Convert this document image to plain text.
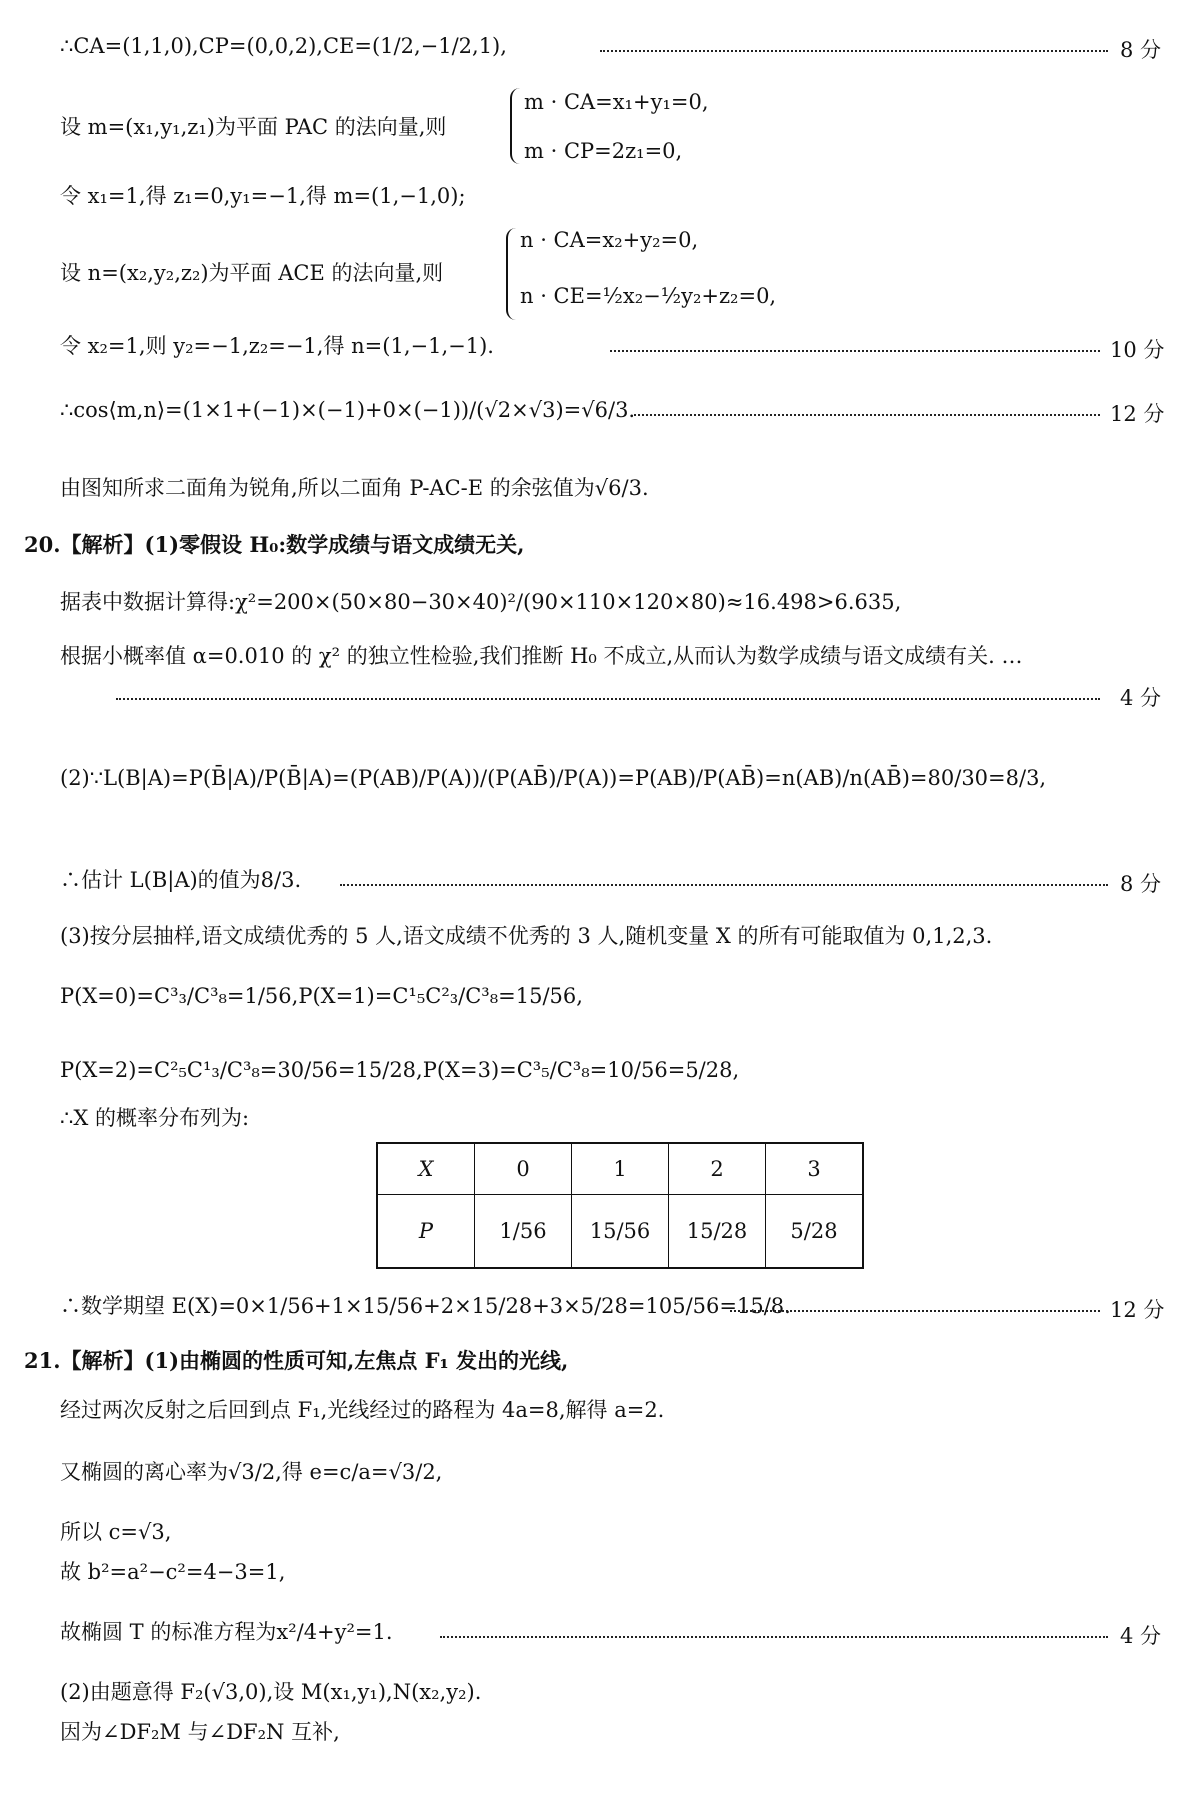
∴CA=(1,1,0),CP=(0,0,2),CE=(1/2,−1/2,1),	8 分
设 m=(x₁,y₁,z₁)为平面 PAC 的法向量,则
m · CA=x₁+y₁=0,
m · CP=2z₁=0,
令 x₁=1,得 z₁=0,y₁=−1,得 m=(1,−1,0);
设 n=(x₂,y₂,z₂)为平面 ACE 的法向量,则
n · CA=x₂+y₂=0,
n · CE=½x₂−½y₂+z₂=0,
令 x₂=1,则 y₂=−1,z₂=−1,得 n=(1,−1,−1).	10 分
∴cos⟨m,n⟩=(1×1+(−1)×(−1)+0×(−1))/(√2×√3)=√6/3.	12 分
由图知所求二面角为锐角,所以二面角 P-AC-E 的余弦值为√6/3.
20.【解析】(1)零假设 H₀:数学成绩与语文成绩无关,
据表中数据计算得:χ²=200×(50×80−30×40)²/(90×110×120×80)≈16.498>6.635,
根据小概率值 α=0.010 的 χ² 的独立性检验,我们推断 H₀ 不成立,从而认为数学成绩与语文成绩有关. …
4 分
(2)∵L(B|A)=P(B̄|A)/P(B̄|A)=(P(AB)/P(A))/(P(AB̄)/P(A))=P(AB)/P(AB̄)=n(AB)/n(AB̄)=80/30=8/3,
∴估计 L(B|A)的值为8/3.	8 分
(3)按分层抽样,语文成绩优秀的 5 人,语文成绩不优秀的 3 人,随机变量 X 的所有可能取值为 0,1,2,3.
P(X=0)=C³₃/C³₈=1/56,P(X=1)=C¹₅C²₃/C³₈=15/56,
P(X=2)=C²₅C¹₃/C³₈=30/56=15/28,P(X=3)=C³₅/C³₈=10/56=5/28,
∴X 的概率分布列为:
X	0	1	2	3
P	1/56	15/56	15/28	5/28
∴数学期望 E(X)=0×1/56+1×15/56+2×15/28+3×5/28=105/56=15/8.	12 分
21.【解析】(1)由椭圆的性质可知,左焦点 F₁ 发出的光线,
经过两次反射之后回到点 F₁,光线经过的路程为 4a=8,解得 a=2.
又椭圆的离心率为√3/2,得 e=c/a=√3/2,
所以 c=√3,
故 b²=a²−c²=4−3=1,
故椭圆 T 的标准方程为x²/4+y²=1.	4 分
(2)由题意得 F₂(√3,0),设 M(x₁,y₁),N(x₂,y₂).
因为∠DF₂M 与∠DF₂N 互补,
